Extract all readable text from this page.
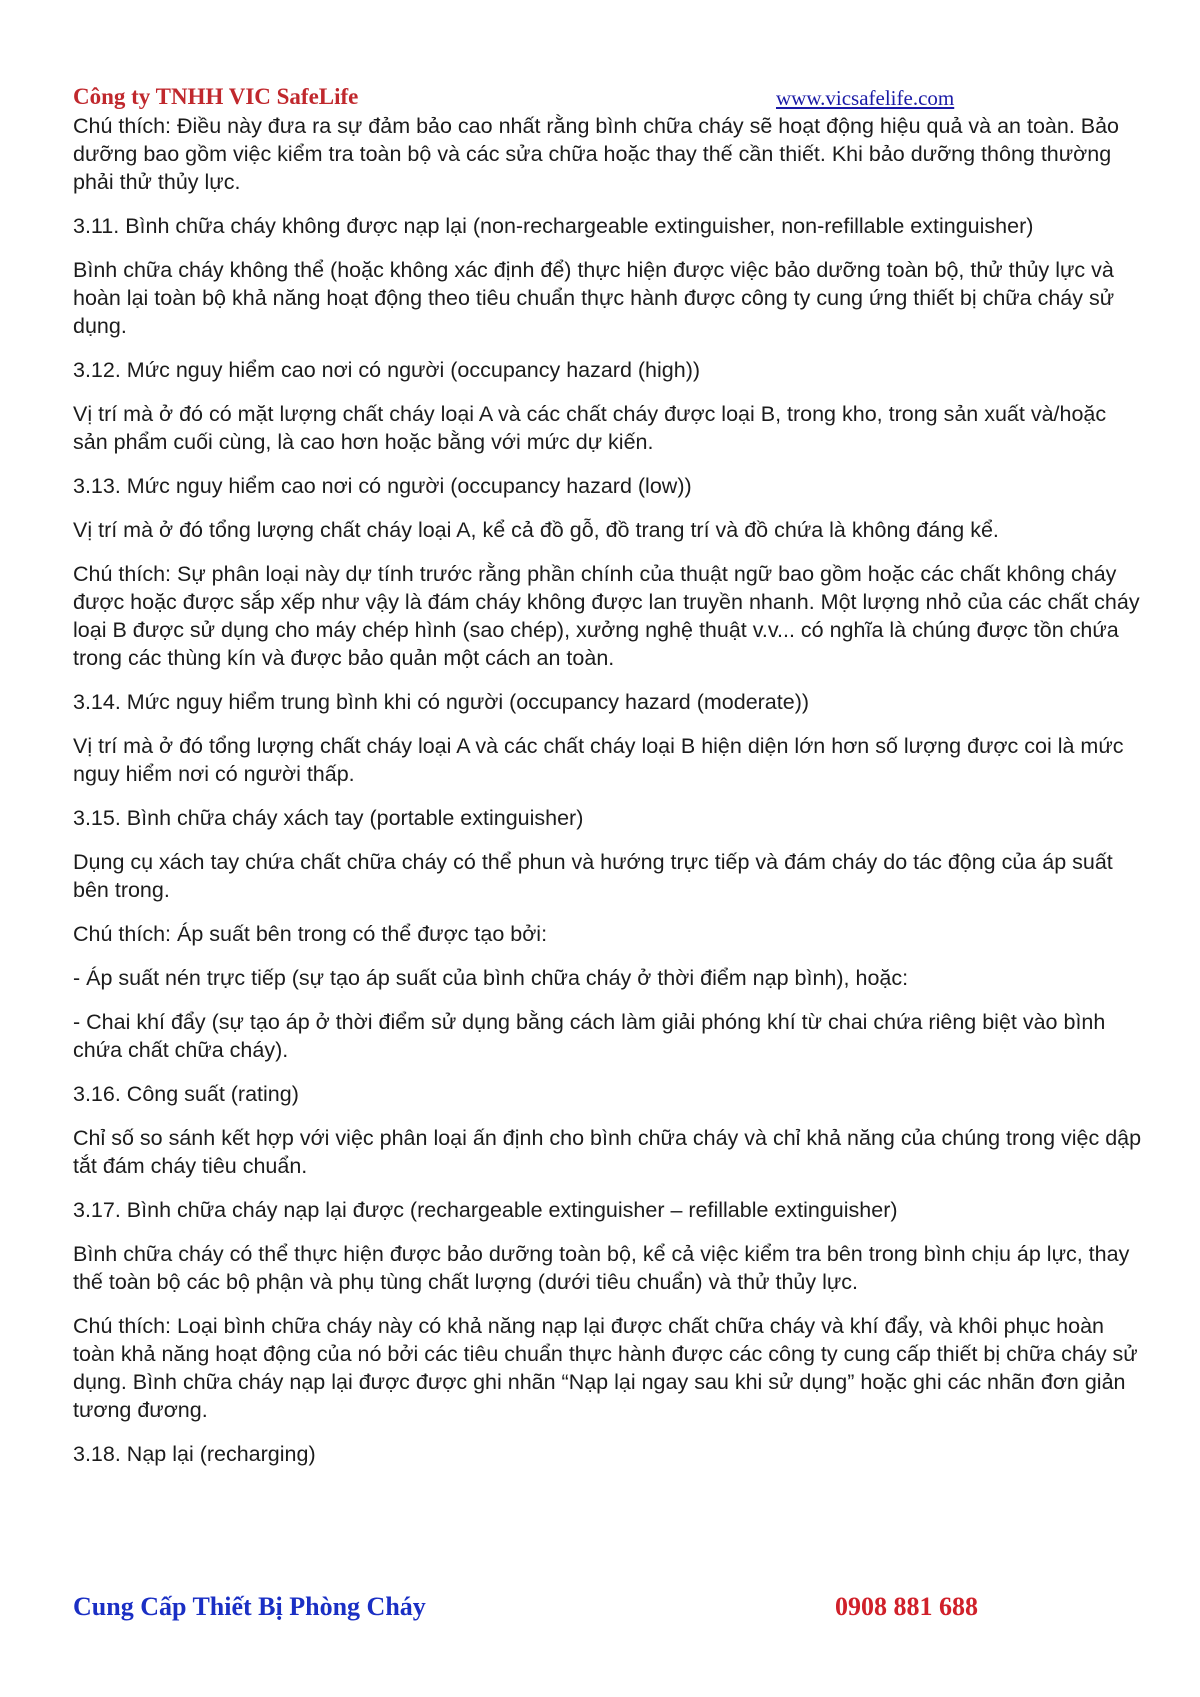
Công ty TNHH VIC SafeLife	www.vicsafelife.com

Chú thích: Điều này đưa ra sự đảm bảo cao nhất rằng bình chữa cháy sẽ hoạt động hiệu quả và an toàn. Bảo dưỡng bao gồm việc kiểm tra toàn bộ và các sửa chữa hoặc thay thế cần thiết. Khi bảo dưỡng thông thường phải thử thủy lực.

3.11. Bình chữa cháy không được nạp lại (non-rechargeable extinguisher, non-refillable extinguisher)

Bình chữa cháy không thể (hoặc không xác định để) thực hiện được việc bảo dưỡng toàn bộ, thử thủy lực và hoàn lại toàn bộ khả năng hoạt động theo tiêu chuẩn thực hành được công ty cung ứng thiết bị chữa cháy sử dụng.

3.12. Mức nguy hiểm cao nơi có người (occupancy hazard (high))

Vị trí mà ở đó có mặt lượng chất cháy loại A và các chất cháy được loại B, trong kho, trong sản xuất và/hoặc sản phẩm cuối cùng, là cao hơn hoặc bằng với mức dự kiến.

3.13. Mức nguy hiểm cao nơi có người (occupancy hazard (low))

Vị trí mà ở đó tổng lượng chất cháy loại A, kể cả đồ gỗ, đồ trang trí và đồ chứa là không đáng kể.

Chú thích: Sự phân loại này dự tính trước rằng phần chính của thuật ngữ bao gồm hoặc các chất không cháy được hoặc được sắp xếp như vậy là đám cháy không được lan truyền nhanh. Một lượng nhỏ của các chất cháy loại B được sử dụng cho máy chép hình (sao chép), xưởng nghệ thuật v.v... có nghĩa là chúng được tồn chứa trong các thùng kín và được bảo quản một cách an toàn.

3.14. Mức nguy hiểm trung bình khi có người (occupancy hazard (moderate))

Vị trí mà ở đó tổng lượng chất cháy loại A và các chất cháy loại B hiện diện lớn hơn số lượng được coi là mức nguy hiểm nơi có người thấp.

3.15. Bình chữa cháy xách tay (portable extinguisher)

Dụng cụ xách tay chứa chất chữa cháy có thể phun và hướng trực tiếp và đám cháy do tác động của áp suất bên trong.

Chú thích: Áp suất bên trong có thể được tạo bởi:

- Áp suất nén trực tiếp (sự tạo áp suất của bình chữa cháy ở thời điểm nạp bình), hoặc:

- Chai khí đẩy (sự tạo áp ở thời điểm sử dụng bằng cách làm giải phóng khí từ chai chứa riêng biệt vào bình chứa chất chữa cháy).

3.16. Công suất (rating)

Chỉ số so sánh kết hợp với việc phân loại ấn định cho bình chữa cháy và chỉ khả năng của chúng trong việc dập tắt đám cháy tiêu chuẩn.

3.17. Bình chữa cháy nạp lại được (rechargeable extinguisher – refillable extinguisher)

Bình chữa cháy có thể thực hiện được bảo dưỡng toàn bộ, kể cả việc kiểm tra bên trong bình chịu áp lực, thay thế toàn bộ các bộ phận và phụ tùng chất lượng (dưới tiêu chuẩn) và thử thủy lực.

Chú thích: Loại bình chữa cháy này có khả năng nạp lại được chất chữa cháy và khí đẩy, và khôi phục hoàn toàn khả năng hoạt động của nó bởi các tiêu chuẩn thực hành được các công ty cung cấp thiết bị chữa cháy sử dụng. Bình chữa cháy nạp lại được được ghi nhãn “Nạp lại ngay sau khi sử dụng” hoặc ghi các nhãn đơn giản tương đương.

3.18. Nạp lại (recharging)

Cung Cấp Thiết Bị Phòng Cháy	0908 881 688
